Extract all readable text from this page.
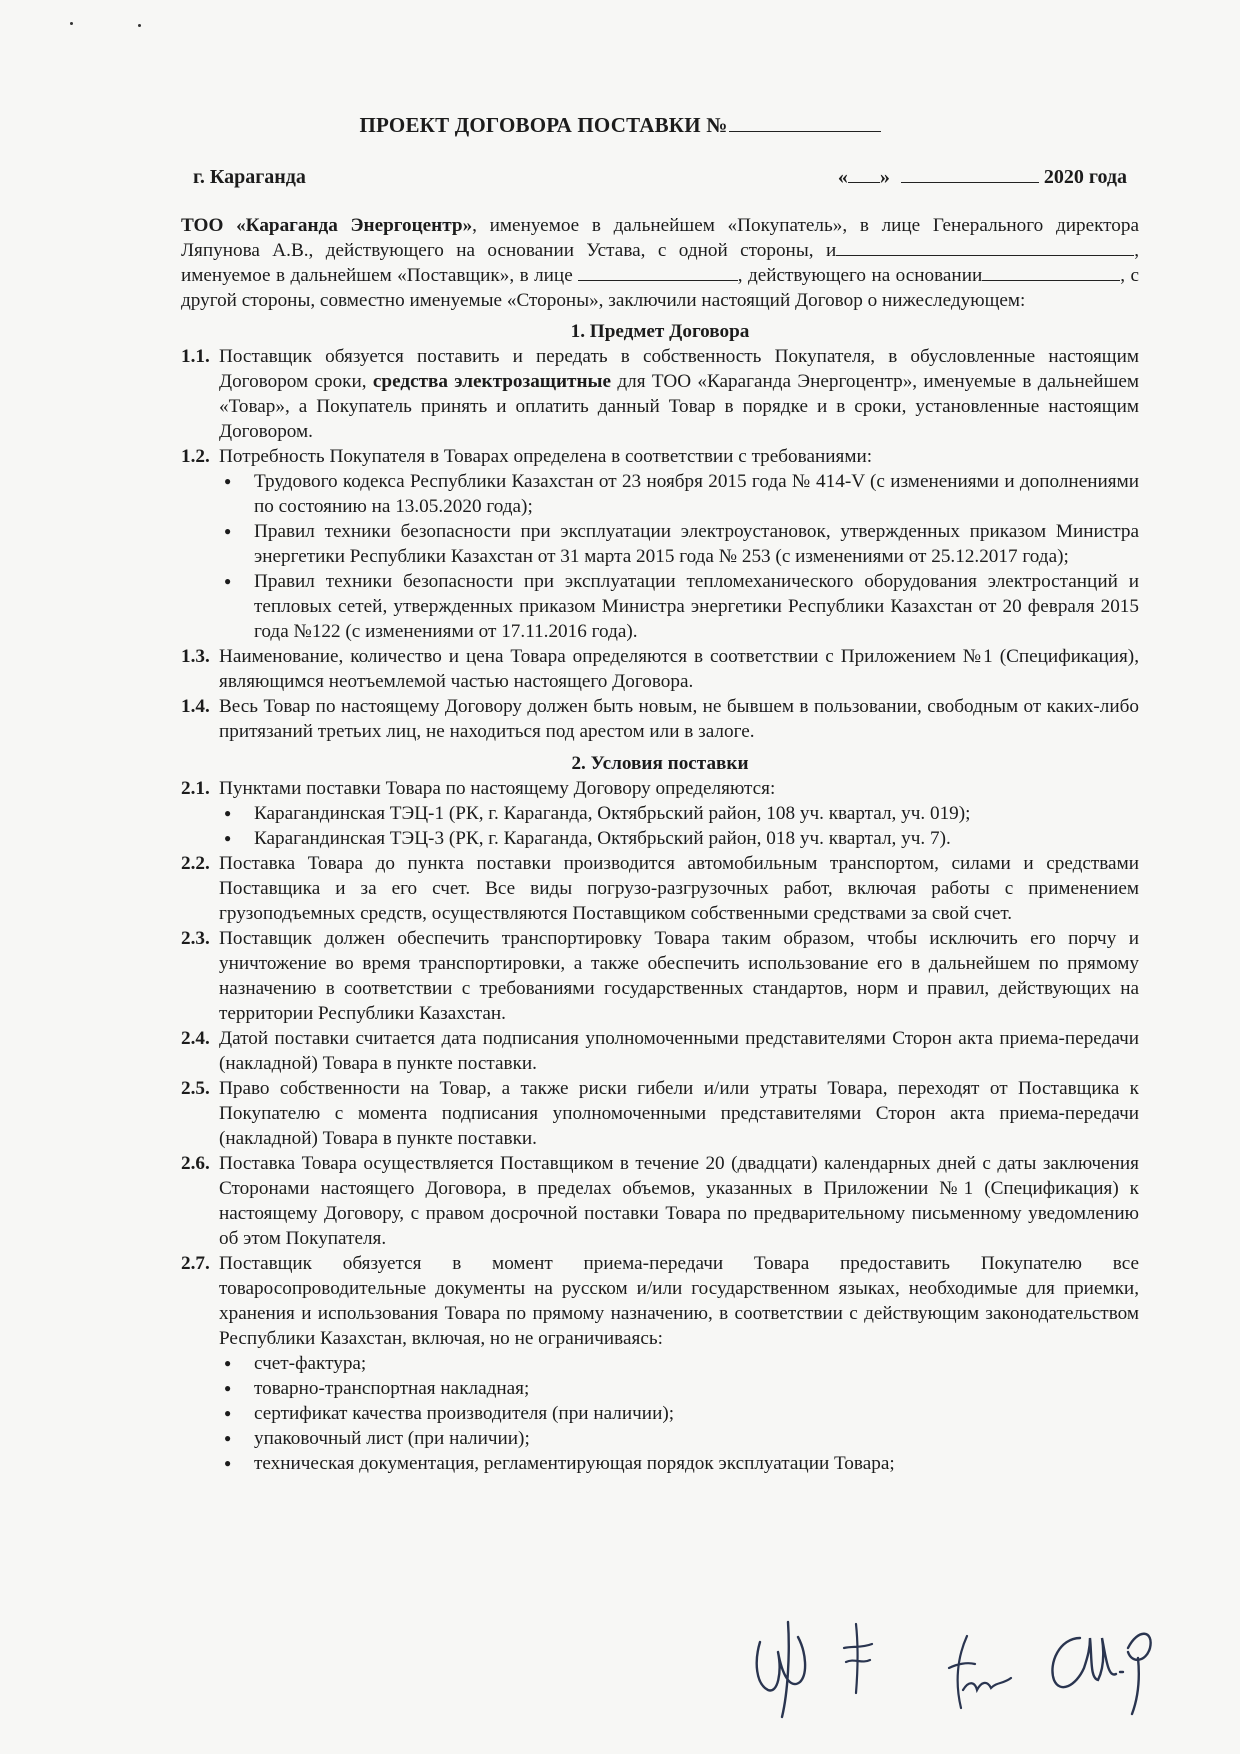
ПРОЕКТ ДОГОВОРА ПОСТАВКИ №
г. Караганда	« »	2020 года

ТОО «Караганда Энергоцентр», именуемое в дальнейшем «Покупатель», в лице Генерального директора Ляпунова А.В., действующего на основании Устава, с одной стороны, и	, именуемое в дальнейшем «Поставщик», в лице	, действующего на основании	, с другой стороны, совместно именуемые «Стороны», заключили настоящий Договор о нижеследующем:

1. Предмет Договора
1.1. Поставщик обязуется поставить и передать в собственность Покупателя, в обусловленные настоящим Договором сроки, средства электрозащитные для ТОО «Караганда Энергоцентр», именуемые в дальнейшем «Товар», а Покупатель принять и оплатить данный Товар в порядке и в сроки, установленные настоящим Договором.
1.2. Потребность Покупателя в Товарах определена в соответствии с требованиями:
●	Трудового кодекса Республики Казахстан от 23 ноября 2015 года № 414-V (с изменениями и дополнениями по состоянию на 13.05.2020 года);
●	Правил техники безопасности при эксплуатации электроустановок, утвержденных приказом Министра энергетики Республики Казахстан от 31 марта 2015 года № 253 (с изменениями от 25.12.2017 года);
●	Правил техники безопасности при эксплуатации тепломеханического оборудования электростанций и тепловых сетей, утвержденных приказом Министра энергетики Республики Казахстан от 20 февраля 2015 года №122 (с изменениями от 17.11.2016 года).
1.3. Наименование, количество и цена Товара определяются в соответствии с Приложением №1 (Спецификация), являющимся неотъемлемой частью настоящего Договора.
1.4. Весь Товар по настоящему Договору должен быть новым, не бывшем в пользовании, свободным от каких-либо притязаний третьих лиц, не находиться под арестом или в залоге.
2. Условия поставки
2.1. Пунктами поставки Товара по настоящему Договору определяются:
●	Карагандинская ТЭЦ-1 (РК, г. Караганда, Октябрьский район, 108 уч. квартал, уч. 019);
●	Карагандинская ТЭЦ-3 (РК, г. Караганда, Октябрьский район, 018 уч. квартал, уч. 7).
2.2. Поставка Товара до пункта поставки производится автомобильным транспортом, силами и средствами Поставщика и за его счет. Все виды погрузо-разгрузочных работ, включая работы с применением грузоподъемных средств, осуществляются Поставщиком собственными средствами за свой счет.
2.3. Поставщик должен обеспечить транспортировку Товара таким образом, чтобы исключить его порчу и уничтожение во время транспортировки, а также обеспечить использование его в дальнейшем по прямому назначению в соответствии с требованиями государственных стандартов, норм и правил, действующих на территории Республики Казахстан.
2.4. Датой поставки считается дата подписания уполномоченными представителями Сторон акта приема-передачи (накладной) Товара в пункте поставки.
2.5. Право собственности на Товар, а также риски гибели и/или утраты Товара, переходят от Поставщика к Покупателю с момента подписания уполномоченными представителями Сторон акта приема-передачи (накладной) Товара в пункте поставки.
2.6. Поставка Товара осуществляется Поставщиком в течение 20 (двадцати) календарных дней с даты заключения Сторонами настоящего Договора, в пределах объемов, указанных в Приложении №1 (Спецификация) к настоящему Договору, с правом досрочной поставки Товара по предварительному письменному уведомлению об этом Покупателя.
2.7. Поставщик обязуется в момент приема-передачи Товара предоставить Покупателю все товаросопроводительные документы на русском и/или государственном языках, необходимые для приемки, хранения и использования Товара по прямому назначению, в соответствии с действующим законодательством Республики Казахстан, включая, но не ограничиваясь:
●	счет-фактура;
●	товарно-транспортная накладная;
●	сертификат качества производителя (при наличии);
●	упаковочный лист (при наличии);
●	техническая документация, регламентирующая порядок эксплуатации Товара;
